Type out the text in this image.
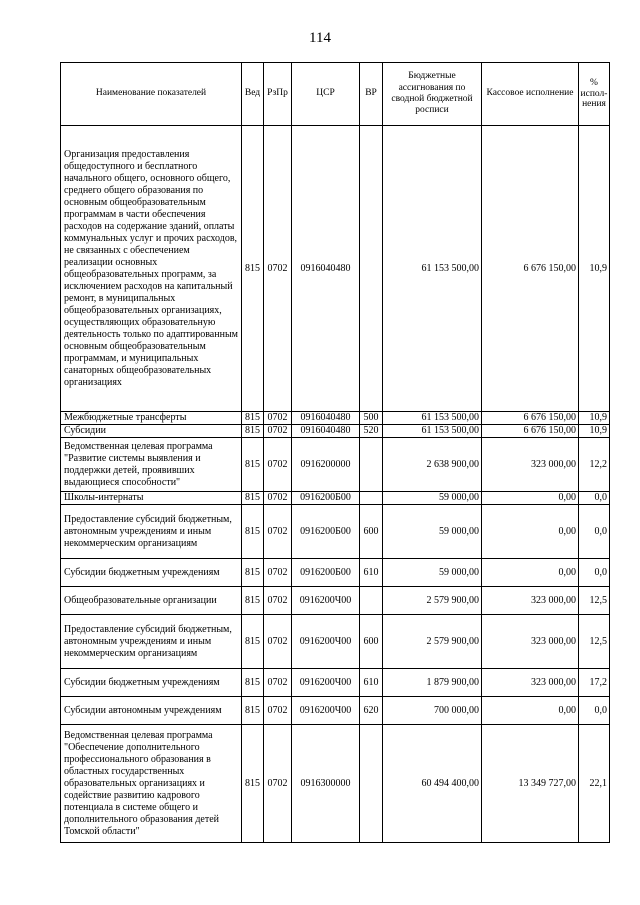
114
Наименование показателей	Вед	РзПр	ЦСР	ВР	Бюджетные ассигнования по сводной бюджетной росписи	Кассовое исполнение	% испол- нения
Организация предоставления общедоступного и бесплатного начального общего, основного общего, среднего общего образования по основным общеобразовательным программам в части обеспечения расходов на содержание зданий, оплаты коммунальных услуг и прочих расходов, не связанных с обеспечением реализации основных общеобразовательных программ, за исключением расходов на капитальный ремонт, в муниципальных общеобразовательных организациях, осуществляющих образовательную деятельность только по адаптированным основным общеобразовательным программам, и муниципальных санаторных общеобразовательных организациях	815	0702	0916040480		61 153 500,00	6 676 150,00	10,9
Межбюджетные трансферты	815	0702	0916040480	500	61 153 500,00	6 676 150,00	10,9
Субсидии	815	0702	0916040480	520	61 153 500,00	6 676 150,00	10,9
Ведомственная целевая программа "Развитие системы выявления и поддержки детей, проявивших выдающиеся способности"	815	0702	0916200000		2 638 900,00	323 000,00	12,2
Школы-интернаты	815	0702	0916200Б00		59 000,00	0,00	0,0
Предоставление субсидий бюджетным, автономным учреждениям и иным некоммерческим организациям	815	0702	0916200Б00	600	59 000,00	0,00	0,0
Субсидии бюджетным учреждениям	815	0702	0916200Б00	610	59 000,00	0,00	0,0
Общеобразовательные организации	815	0702	0916200Ч00		2 579 900,00	323 000,00	12,5
Предоставление субсидий бюджетным, автономным учреждениям и иным некоммерческим организациям	815	0702	0916200Ч00	600	2 579 900,00	323 000,00	12,5
Субсидии бюджетным учреждениям	815	0702	0916200Ч00	610	1 879 900,00	323 000,00	17,2
Субсидии автономным учреждениям	815	0702	0916200Ч00	620	700 000,00	0,00	0,0
Ведомственная целевая программа "Обеспечение дополнительного профессионального образования в областных государственных образовательных организациях и содействие развитию кадрового потенциала в системе общего и дополнительного образования детей Томской области"	815	0702	0916300000		60 494 400,00	13 349 727,00	22,1
